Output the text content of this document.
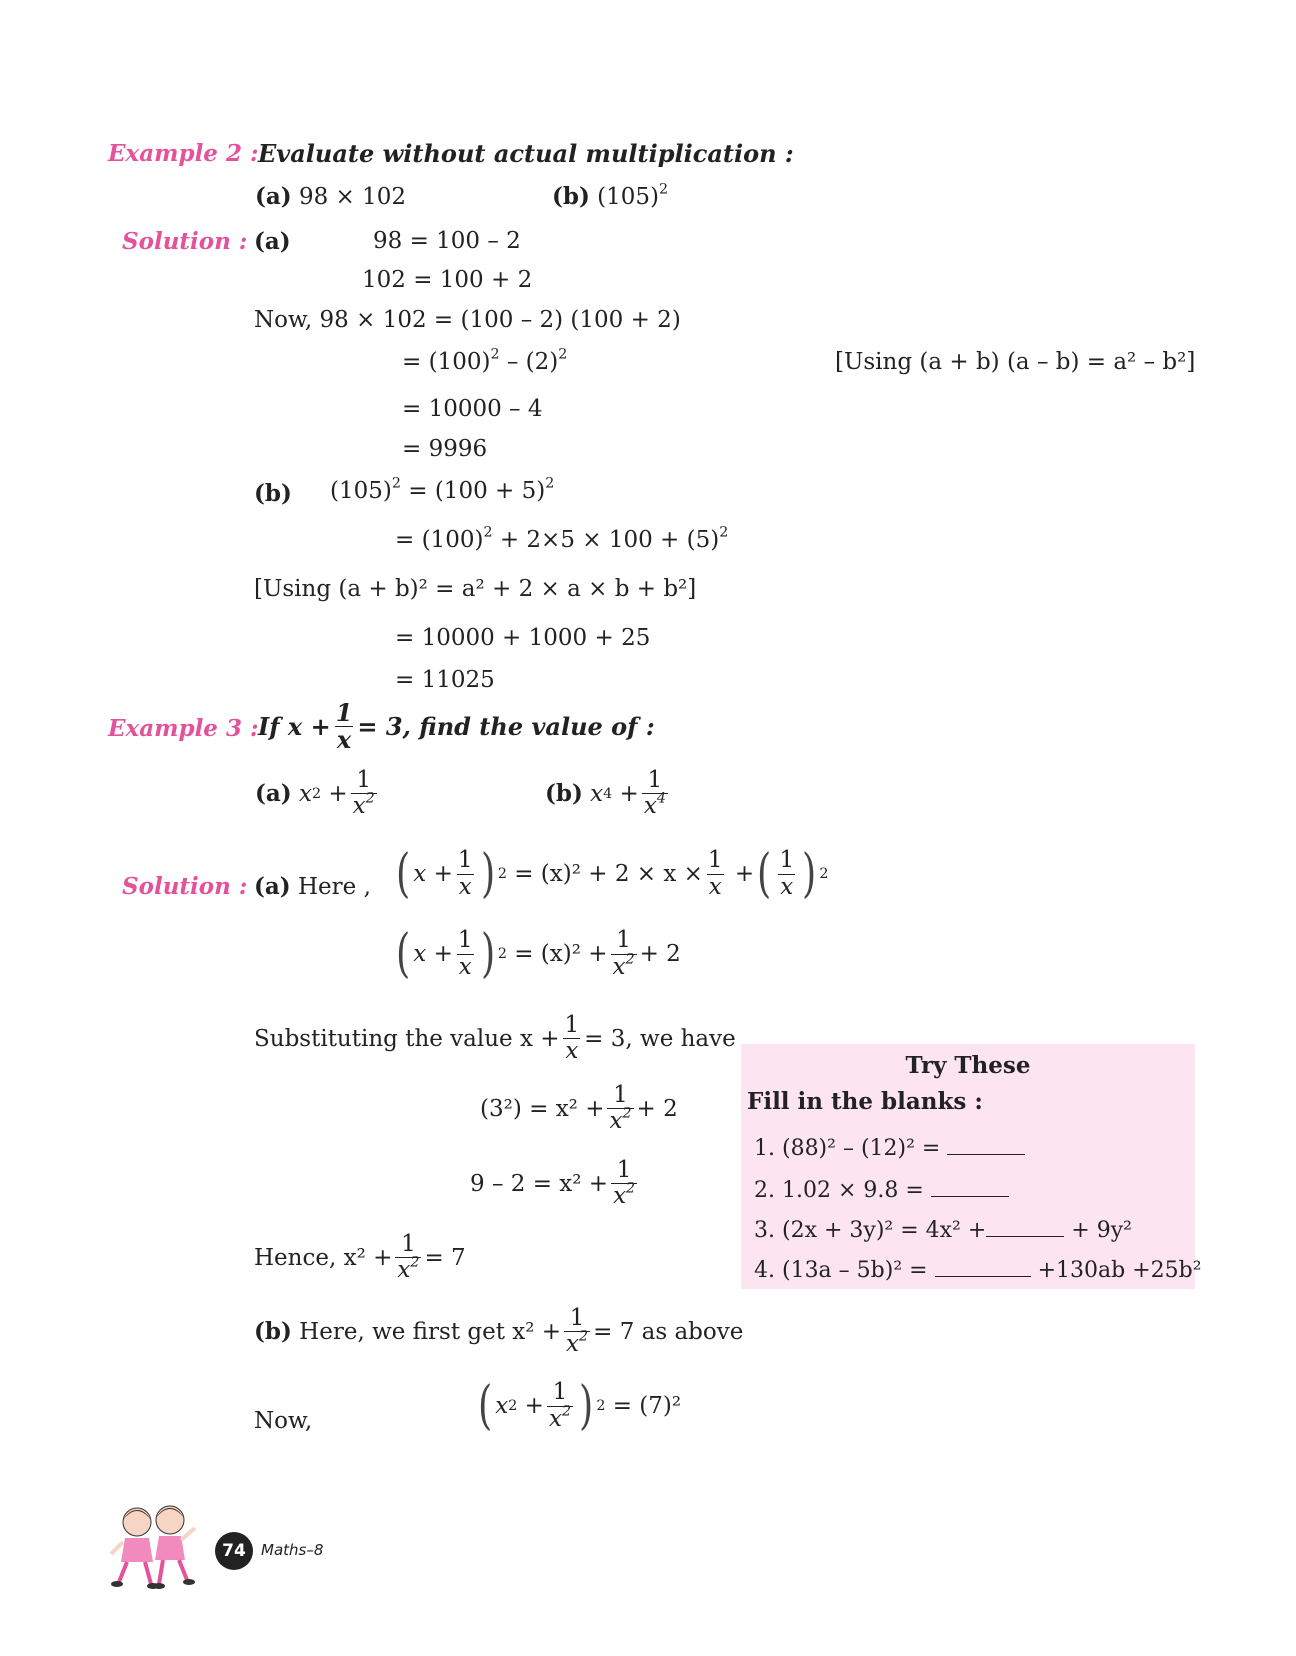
Example 2 : Evaluate without actual multiplication :
(a) 98 × 102	(b) $(105)^2$
Solution : (a)	98 = 100 – 2
102 = 100 + 2
Now, 98 × 102 = (100 – 2) (100 + 2)
= $(100)^2 - (2)^2$	[Using (a + b) (a – b) = a² – b²]
= 10000 – 4
= 9996
(b) $(105)^2 = (100 + 5)^2$
= $(100)^2 + 2\times 5 \times 100 + (5)^2$
[Using (a + b)² = a² + 2 × a × b + b²]
= 10000 + 1000 + 25
= 11025
Example 3 : If $x + \frac{1}{x} = 3$, find the value of :
(a)
x $2 + \frac{1}{x^2}$	(b)
x $4 + \frac{1}{x^4}$
Solution : (a) Here , ( $x + \frac{1}{x}$ ) 2
= $(x)^2 + 2 \times x \times \frac{1}{x}$ + ( $\frac{1}{x}$ ) 2
( $x + \frac{1}{x}$ ) 2
= $(x)^2 + \frac{1}{x^2} + 2$
Substituting the value $x + \frac{1}{x} = 3$, we have
$(3^2) = x^2 + \frac{1}{x^2} + 2$
$9 - 2 = x^2 + \frac{1}{x^2}$
Hence, $x^2 + \frac{1}{x^2} = 7$
(b)
Here, we first get $x^2 + \frac{1}{x^2} = 7$ as above
Now,	( x $2 + \frac{1}{x^2}$ ) 2
= (7)²
Try These
Fill in the blanks :
1. (88)² – (12)² =
2. 1.02 × 9.8 =
3. (2x + 3y)² = 4x² +	+ 9y²
4. (13a – 5b)² =	+130ab +25b²
74	Maths–8
